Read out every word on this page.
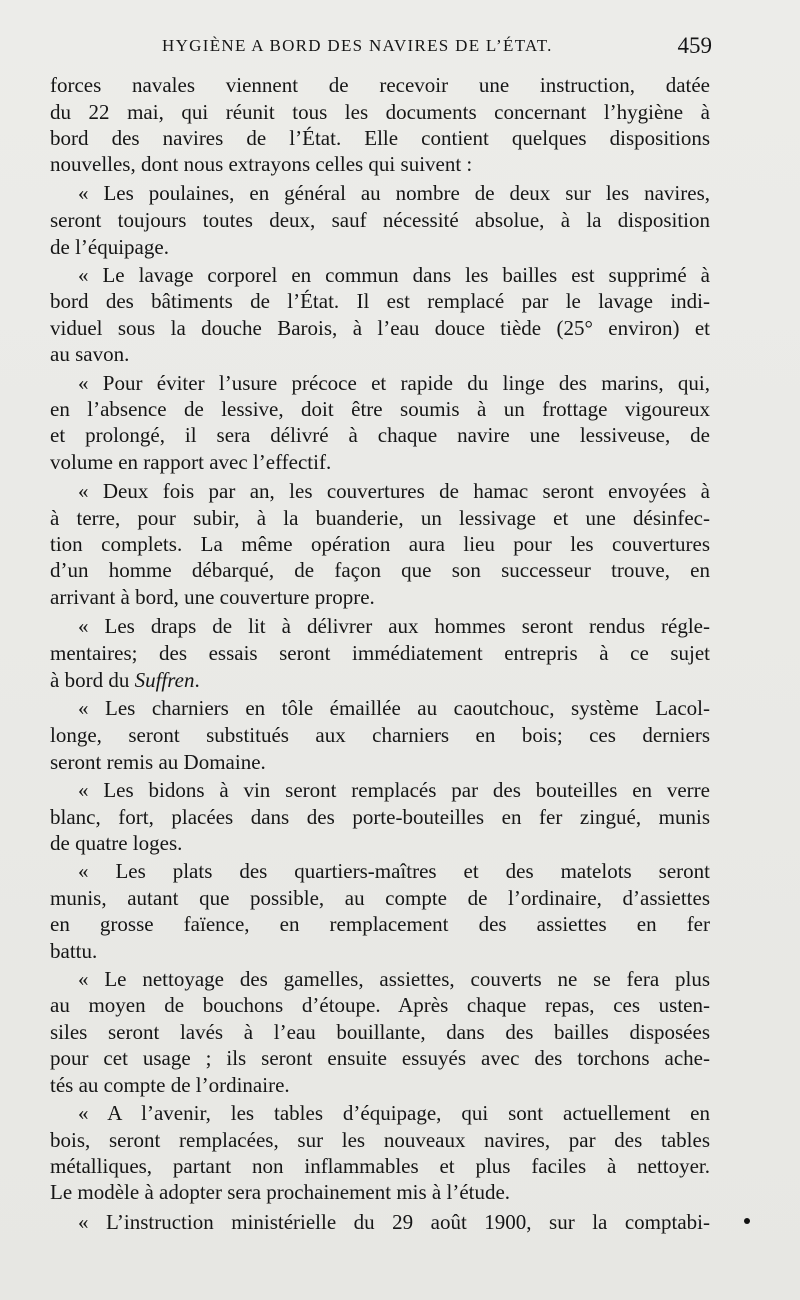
HYGIÈNE A BORD DES NAVIRES DE L’ÉTAT.	459
forces navales viennent de recevoir une instruction, datée
du 22 mai, qui réunit tous les documents concernant l’hygiène à
bord des navires de l’État. Elle contient quelques dispositions
nouvelles, dont nous extrayons celles qui suivent :
« Les poulaines, en général au nombre de deux sur les navires,
seront toujours toutes deux, sauf nécessité absolue, à la disposition
de l’équipage.
« Le lavage corporel en commun dans les bailles est supprimé à
bord des bâtiments de l’État. Il est remplacé par le lavage indi-
viduel sous la douche Barois, à l’eau douce tiède (25° environ) et
au savon.
« Pour éviter l’usure précoce et rapide du linge des marins, qui,
en l’absence de lessive, doit être soumis à un frottage vigoureux
et prolongé, il sera délivré à chaque navire une lessiveuse, de
volume en rapport avec l’effectif.
« Deux fois par an, les couvertures de hamac seront envoyées à
à terre, pour subir, à la buanderie, un lessivage et une désinfec-
tion complets. La même opération aura lieu pour les couvertures
d’un homme débarqué, de façon que son successeur trouve, en
arrivant à bord, une couverture propre.
« Les draps de lit à délivrer aux hommes seront rendus régle-
mentaires; des essais seront immédiatement entrepris à ce sujet
à bord du Suffren.
« Les charniers en tôle émaillée au caoutchouc, système Lacol-
longe, seront substitués aux charniers en bois; ces derniers
seront remis au Domaine.
« Les bidons à vin seront remplacés par des bouteilles en verre
blanc, fort, placées dans des porte-bouteilles en fer zingué, munis
de quatre loges.
« Les plats des quartiers-maîtres et des matelots seront
munis, autant que possible, au compte de l’ordinaire, d’assiettes
en grosse faïence, en remplacement des assiettes en fer
battu.
« Le nettoyage des gamelles, assiettes, couverts ne se fera plus
au moyen de bouchons d’étoupe. Après chaque repas, ces usten-
siles seront lavés à l’eau bouillante, dans des bailles disposées
pour cet usage ; ils seront ensuite essuyés avec des torchons ache-
tés au compte de l’ordinaire.
« A l’avenir, les tables d’équipage, qui sont actuellement en
bois, seront remplacées, sur les nouveaux navires, par des tables
métalliques, partant non inflammables et plus faciles à nettoyer.
Le modèle à adopter sera prochainement mis à l’étude.
« L’instruction ministérielle du 29 août 1900, sur la comptabi-
